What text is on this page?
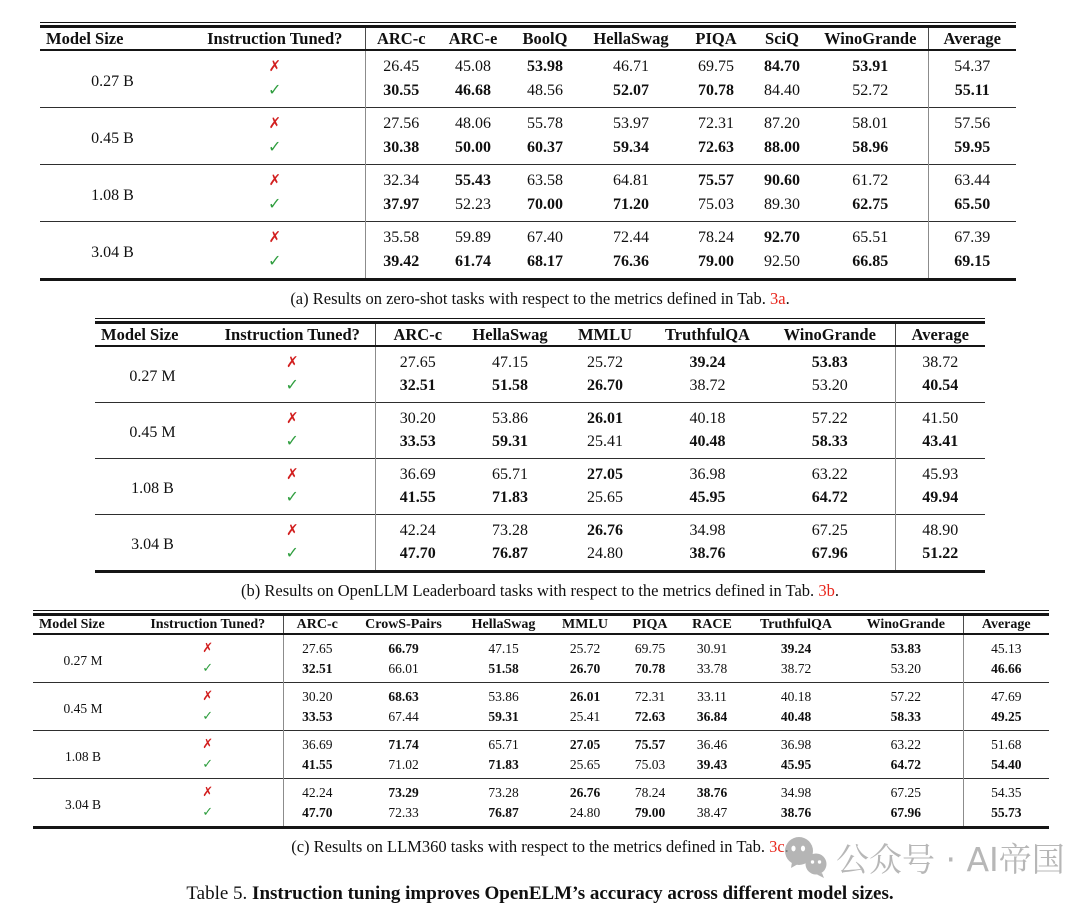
Model Size	Instruction Tuned?	ARC-c	ARC-e	BoolQ	HellaSwag	PIQA	SciQ	WinoGrande	Average
0.27 B	✗	26.45	45.08	53.98	46.71	69.75	84.70	53.91	54.37
	✓	30.55	46.68	48.56	52.07	70.78	84.40	52.72	55.11
0.45 B	✗	27.56	48.06	55.78	53.97	72.31	87.20	58.01	57.56
	✓	30.38	50.00	60.37	59.34	72.63	88.00	58.96	59.95
1.08 B	✗	32.34	55.43	63.58	64.81	75.57	90.60	61.72	63.44
	✓	37.97	52.23	70.00	71.20	75.03	89.30	62.75	65.50
3.04 B	✗	35.58	59.89	67.40	72.44	78.24	92.70	65.51	67.39
	✓	39.42	61.74	68.17	76.36	79.00	92.50	66.85	69.15
(a) Results on zero-shot tasks with respect to the metrics defined in Tab. 3a.
Model Size	Instruction Tuned?	ARC-c	HellaSwag	MMLU	TruthfulQA	WinoGrande	Average
0.27 M	✗	27.65	47.15	25.72	39.24	53.83	38.72
	✓	32.51	51.58	26.70	38.72	53.20	40.54
0.45 M	✗	30.20	53.86	26.01	40.18	57.22	41.50
	✓	33.53	59.31	25.41	40.48	58.33	43.41
1.08 B	✗	36.69	65.71	27.05	36.98	63.22	45.93
	✓	41.55	71.83	25.65	45.95	64.72	49.94
3.04 B	✗	42.24	73.28	26.76	34.98	67.25	48.90
	✓	47.70	76.87	24.80	38.76	67.96	51.22
(b) Results on OpenLLM Leaderboard tasks with respect to the metrics defined in Tab. 3b.
Model Size	Instruction Tuned?	ARC-c	CrowS-Pairs	HellaSwag	MMLU	PIQA	RACE	TruthfulQA	WinoGrande	Average
0.27 M	✗	27.65	66.79	47.15	25.72	69.75	30.91	39.24	53.83	45.13
	✓	32.51	66.01	51.58	26.70	70.78	33.78	38.72	53.20	46.66
0.45 M	✗	30.20	68.63	53.86	26.01	72.31	33.11	40.18	57.22	47.69
	✓	33.53	67.44	59.31	25.41	72.63	36.84	40.48	58.33	49.25
1.08 B	✗	36.69	71.74	65.71	27.05	75.57	36.46	36.98	63.22	51.68
	✓	41.55	71.02	71.83	25.65	75.03	39.43	45.95	64.72	54.40
3.04 B	✗	42.24	73.29	73.28	26.76	78.24	38.76	34.98	67.25	54.35
	✓	47.70	72.33	76.87	24.80	79.00	38.47	38.76	67.96	55.73
(c) Results on LLM360 tasks with respect to the metrics defined in Tab. 3c
Table 5. Instruction tuning improves OpenELM’s accuracy across different model sizes.
公众号 · AI帝国
